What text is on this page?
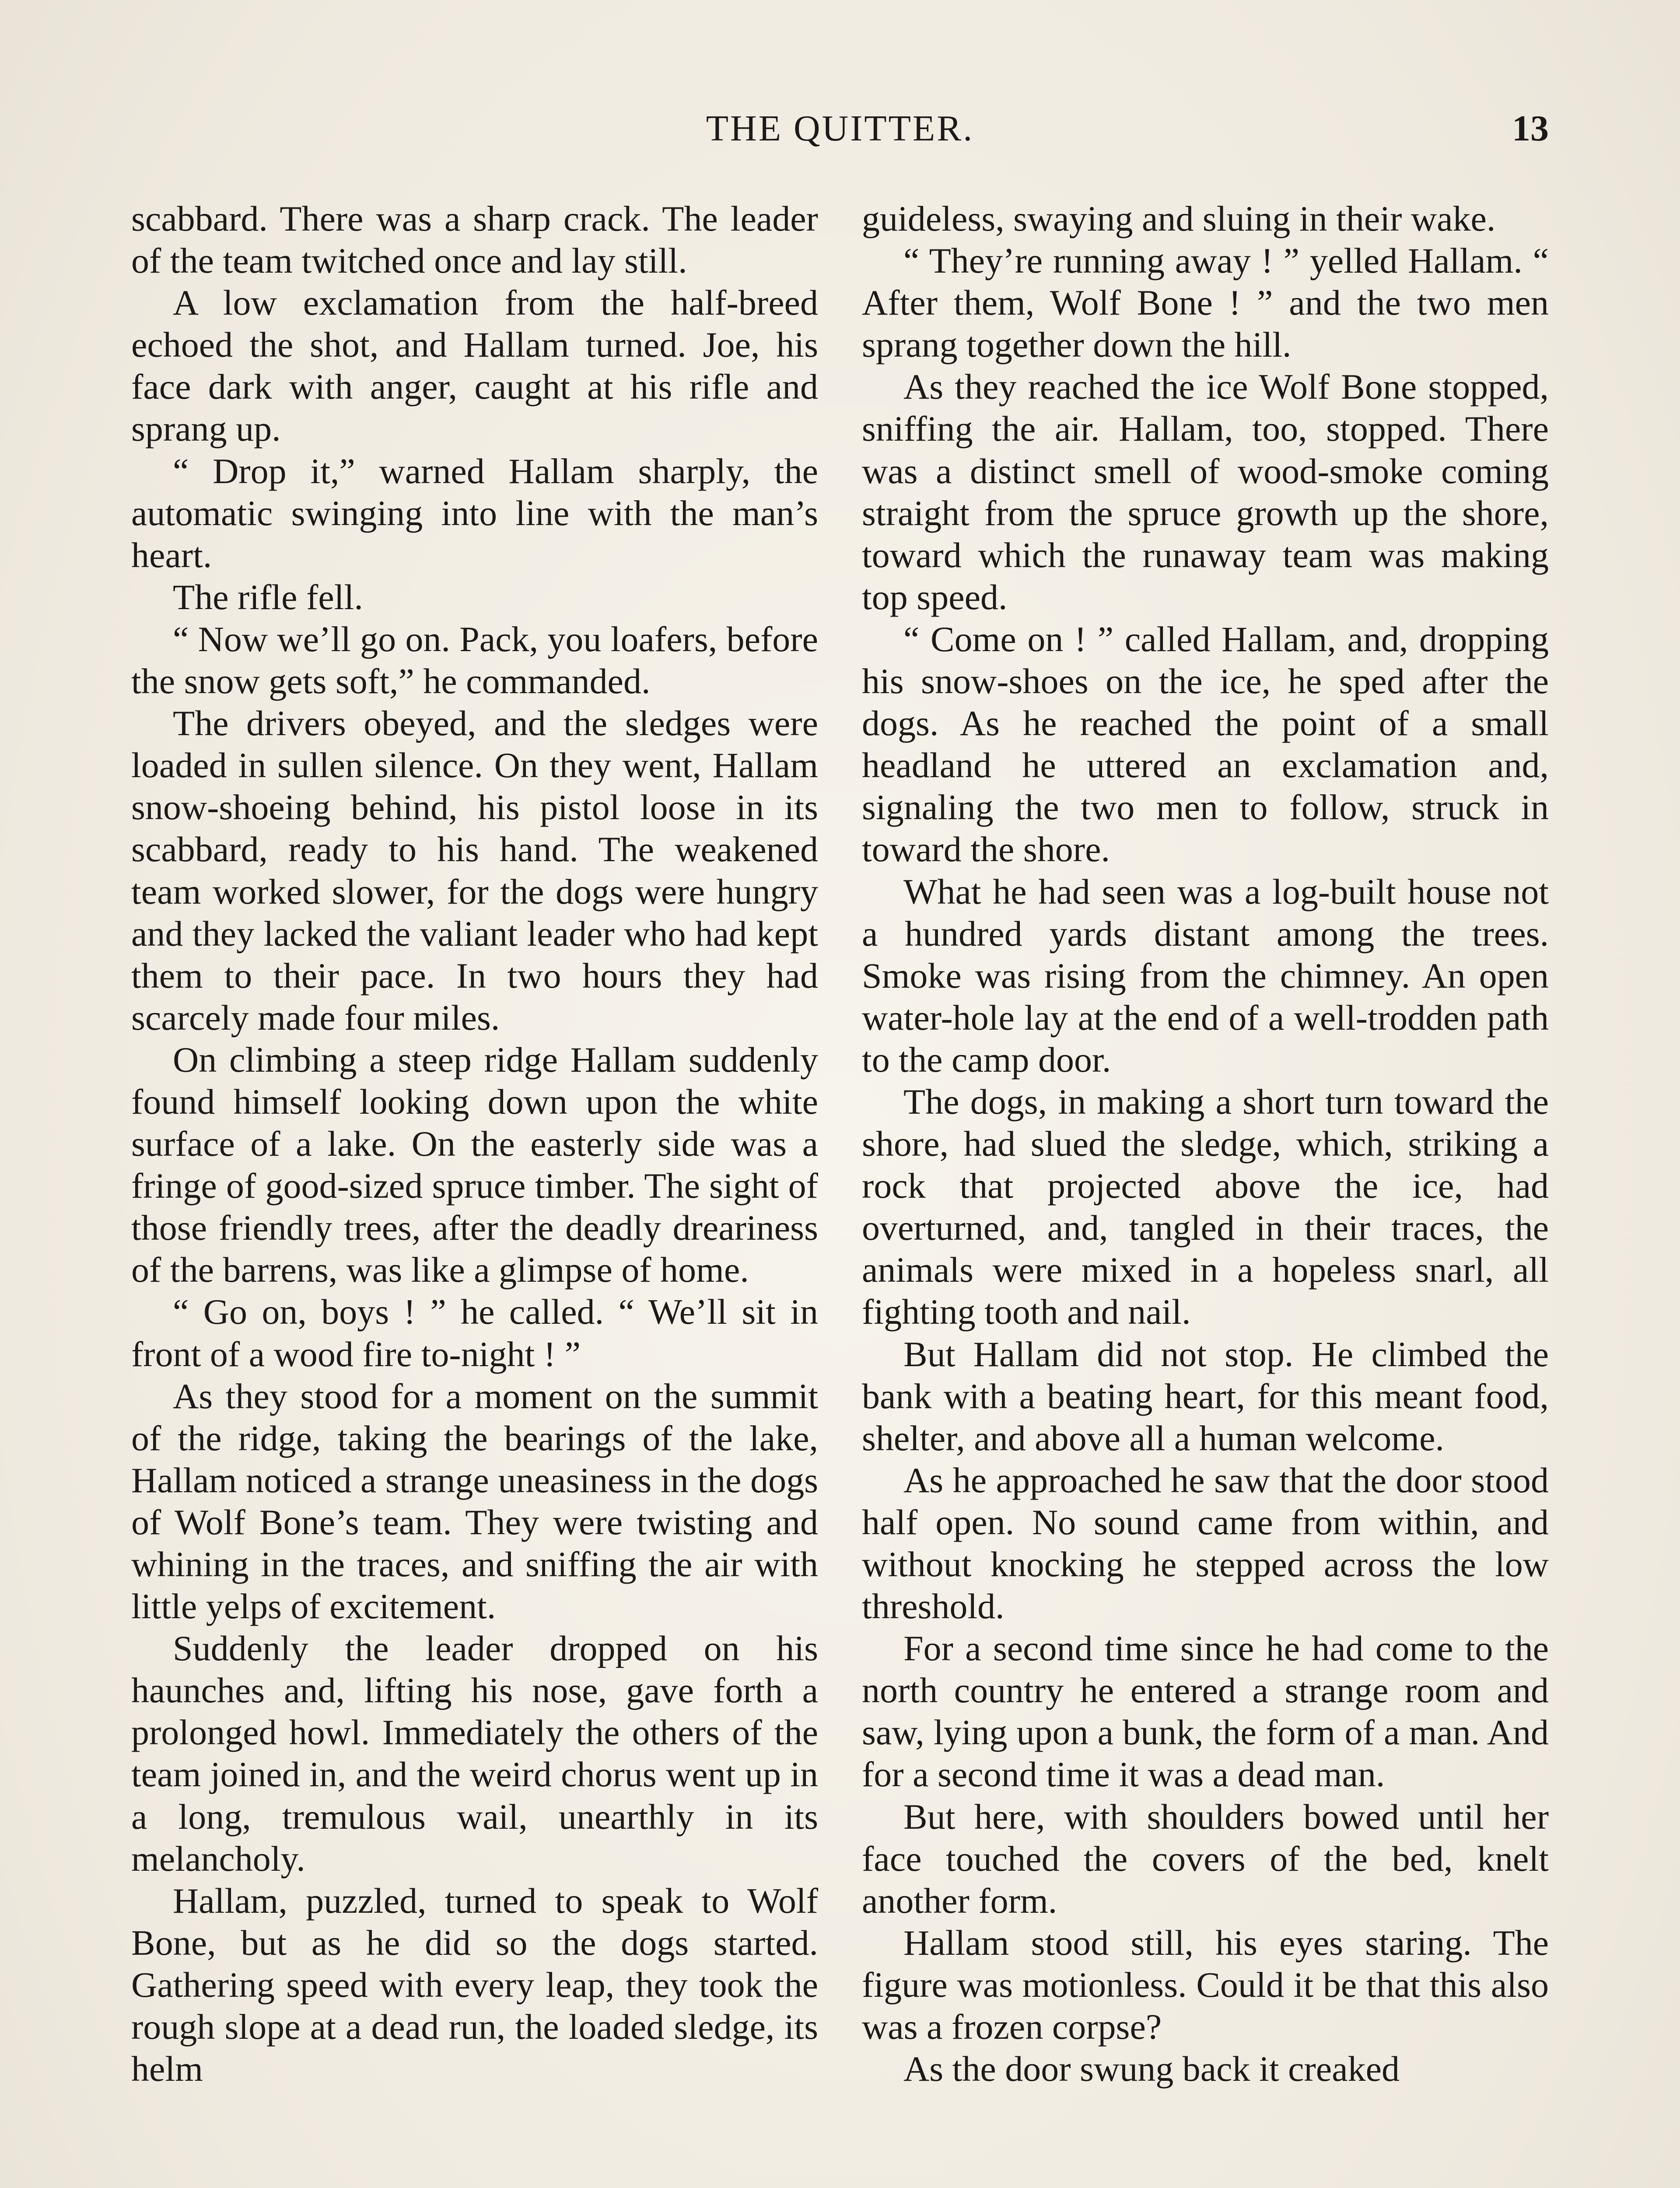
THE QUITTER.	13

scabbard. There was a sharp crack. The leader of the team twitched once and lay still.

A low exclamation from the half-breed echoed the shot, and Hallam turned. Joe, his face dark with anger, caught at his rifle and sprang up.

“ Drop it,” warned Hallam sharply, the automatic swinging into line with the man’s heart.

The rifle fell.

“ Now we’ll go on. Pack, you loafers, before the snow gets soft,” he commanded.

The drivers obeyed, and the sledges were loaded in sullen silence. On they went, Hallam snow-shoeing behind, his pistol loose in its scabbard, ready to his hand. The weakened team worked slower, for the dogs were hungry and they lacked the valiant leader who had kept them to their pace. In two hours they had scarcely made four miles.

On climbing a steep ridge Hallam suddenly found himself looking down upon the white surface of a lake. On the easterly side was a fringe of good-sized spruce timber. The sight of those friendly trees, after the deadly dreariness of the barrens, was like a glimpse of home.

“ Go on, boys ! ” he called. “ We’ll sit in front of a wood fire to-night ! ”

As they stood for a moment on the summit of the ridge, taking the bearings of the lake, Hallam noticed a strange uneasiness in the dogs of Wolf Bone’s team. They were twisting and whining in the traces, and sniffing the air with little yelps of excitement.

Suddenly the leader dropped on his haunches and, lifting his nose, gave forth a prolonged howl. Immediately the others of the team joined in, and the weird chorus went up in a long, tremulous wail, unearthly in its melancholy.

Hallam, puzzled, turned to speak to Wolf Bone, but as he did so the dogs started. Gathering speed with every leap, they took the rough slope at a dead run, the loaded sledge, its helm

guideless, swaying and sluing in their wake.

“ They’re running away ! ” yelled Hallam. “ After them, Wolf Bone ! ” and the two men sprang together down the hill.

As they reached the ice Wolf Bone stopped, sniffing the air. Hallam, too, stopped. There was a distinct smell of wood-smoke coming straight from the spruce growth up the shore, toward which the runaway team was making top speed.

“ Come on ! ” called Hallam, and, dropping his snow-shoes on the ice, he sped after the dogs. As he reached the point of a small headland he uttered an exclamation and, signaling the two men to follow, struck in toward the shore.

What he had seen was a log-built house not a hundred yards distant among the trees. Smoke was rising from the chimney. An open water-hole lay at the end of a well-trodden path to the camp door.

The dogs, in making a short turn toward the shore, had slued the sledge, which, striking a rock that projected above the ice, had overturned, and, tangled in their traces, the animals were mixed in a hopeless snarl, all fighting tooth and nail.

But Hallam did not stop. He climbed the bank with a beating heart, for this meant food, shelter, and above all a human welcome.

As he approached he saw that the door stood half open. No sound came from within, and without knocking he stepped across the low threshold.

For a second time since he had come to the north country he entered a strange room and saw, lying upon a bunk, the form of a man. And for a second time it was a dead man.

But here, with shoulders bowed until her face touched the covers of the bed, knelt another form.

Hallam stood still, his eyes staring. The figure was motionless. Could it be that this also was a frozen corpse?

As the door swung back it creaked
